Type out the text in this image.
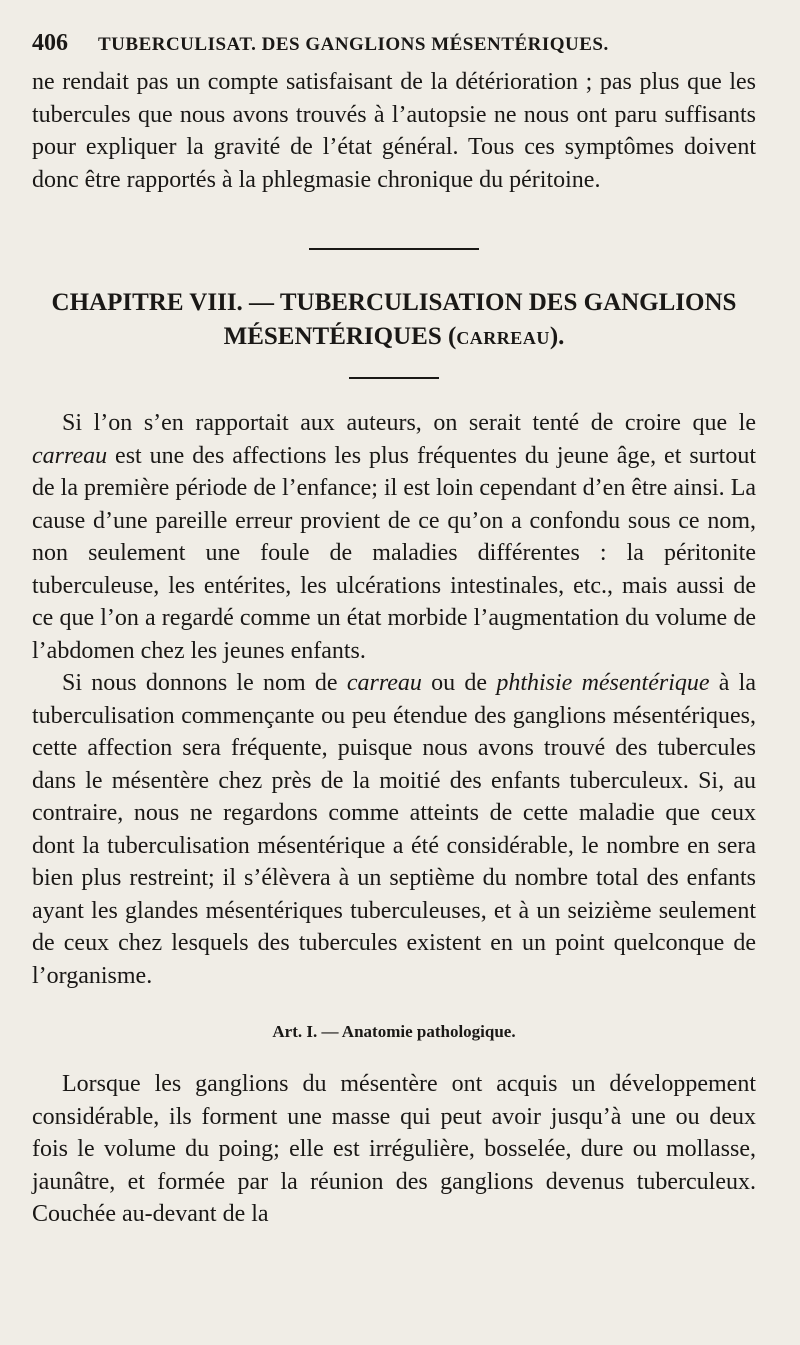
406	TUBERCULISAT. DES GANGLIONS MÉSENTÉRIQUES.

ne rendait pas un compte satisfaisant de la détérioration ; pas plus que les tubercules que nous avons trouvés à l’autopsie ne nous ont paru suffisants pour expliquer la gravité de l’état général. Tous ces symptômes doivent donc être rapportés à la phlegmasie chronique du péritoine.

CHAPITRE VIII. — TUBERCULISATION DES GANGLIONS
MÉSENTÉRIQUES (CARREAU).

Si l’on s’en rapportait aux auteurs, on serait tenté de croire que le carreau est une des affections les plus fréquentes du jeune âge, et surtout de la première période de l’enfance; il est loin cependant d’en être ainsi. La cause d’une pareille erreur provient de ce qu’on a confondu sous ce nom, non seulement une foule de maladies différentes : la péritonite tuberculeuse, les entérites, les ulcérations intestinales, etc., mais aussi de ce que l’on a regardé comme un état morbide l’augmentation du volume de l’abdomen chez les jeunes enfants.

Si nous donnons le nom de carreau ou de phthisie mésentérique à la tuberculisation commençante ou peu étendue des ganglions mésentériques, cette affection sera fréquente, puisque nous avons trouvé des tubercules dans le mésentère chez près de la moitié des enfants tuberculeux. Si, au contraire, nous ne regardons comme atteints de cette maladie que ceux dont la tuberculisation mésentérique a été considérable, le nombre en sera bien plus restreint; il s’élèvera à un septième du nombre total des enfants ayant les glandes mésentériques tuberculeuses, et à un seizième seulement de ceux chez lesquels des tubercules existent en un point quelconque de l’organisme.

Art. I. — Anatomie pathologique.

Lorsque les ganglions du mésentère ont acquis un développement considérable, ils forment une masse qui peut avoir jusqu’à une ou deux fois le volume du poing; elle est irrégulière, bosselée, dure ou mollasse, jaunâtre, et formée par la réunion des ganglions devenus tuberculeux. Couchée au-devant de la
